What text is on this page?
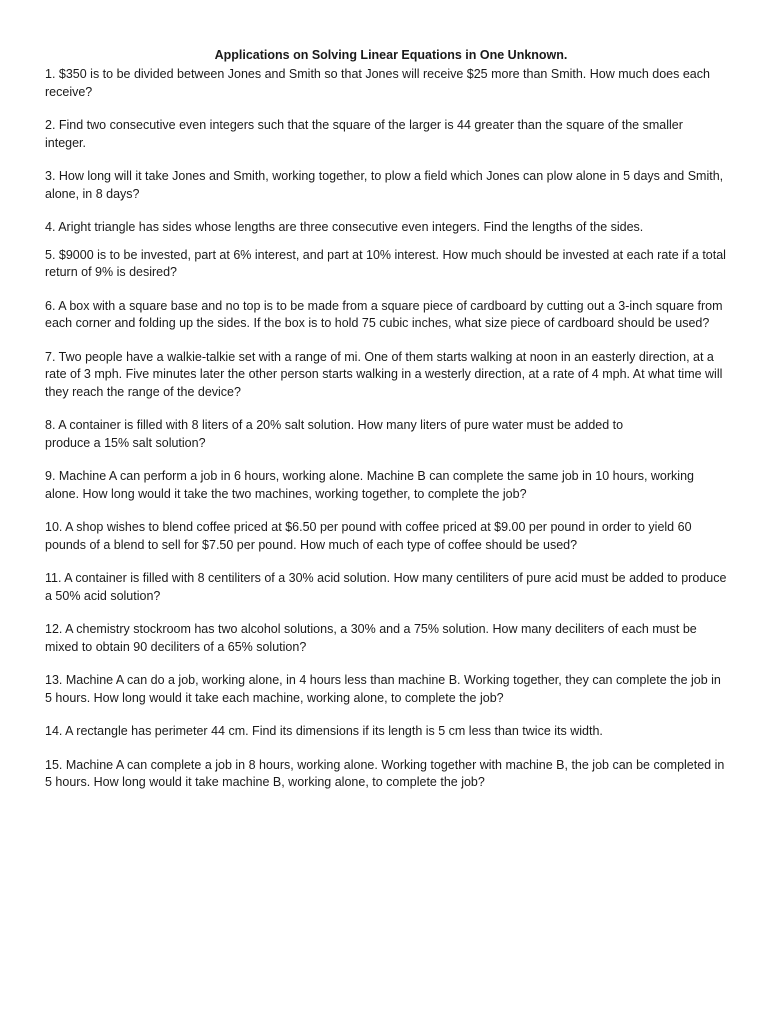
Applications on Solving Linear Equations in One Unknown.

1. $350 is to be divided between Jones and Smith so that Jones will receive $25 more than Smith. How much does each receive?

2. Find two consecutive even integers such that the square of the larger is 44 greater than the square of the smaller integer.

3. How long will it take Jones and Smith, working together, to plow a field which Jones can plow alone in 5 days and Smith, alone, in 8 days?

4. Aright triangle has sides whose lengths are three consecutive even integers. Find the lengths of the sides.

5. $9000 is to be invested, part at 6% interest, and part at 10% interest. How much should be invested at each rate if a total return of 9% is desired?

6. A box with a square base and no top is to be made from a square piece of cardboard by cutting out a 3-inch square from each corner and folding up the sides. If the box is to hold 75 cubic inches, what size piece of cardboard should be used?

7. Two people have a walkie-talkie set with a range of mi. One of them starts walking at noon in an easterly direction, at a rate of 3 mph. Five minutes later the other person starts walking in a westerly direction, at a rate of 4 mph. At what time will they reach the range of the device?

8. A container is filled with 8 liters of a 20% salt solution. How many liters of pure water must be added to produce a 15% salt solution?

9. Machine A can perform a job in 6 hours, working alone. Machine B can complete the same job in 10 hours, working alone. How long would it take the two machines, working together, to complete the job?

10. A shop wishes to blend coffee priced at $6.50 per pound with coffee priced at $9.00 per pound in order to yield 60 pounds of a blend to sell for $7.50 per pound. How much of each type of coffee should be used?

11. A container is filled with 8 centiliters of a 30% acid solution. How many centiliters of pure acid must be added to produce a 50% acid solution?

12. A chemistry stockroom has two alcohol solutions, a 30% and a 75% solution. How many deciliters of each must be mixed to obtain 90 deciliters of a 65% solution?

13. Machine A can do a job, working alone, in 4 hours less than machine B. Working together, they can complete the job in 5 hours. How long would it take each machine, working alone, to complete the job?

14. A rectangle has perimeter 44 cm. Find its dimensions if its length is 5 cm less than twice its width.

15. Machine A can complete a job in 8 hours, working alone. Working together with machine B, the job can be completed in 5 hours. How long would it take machine B, working alone, to complete the job?
